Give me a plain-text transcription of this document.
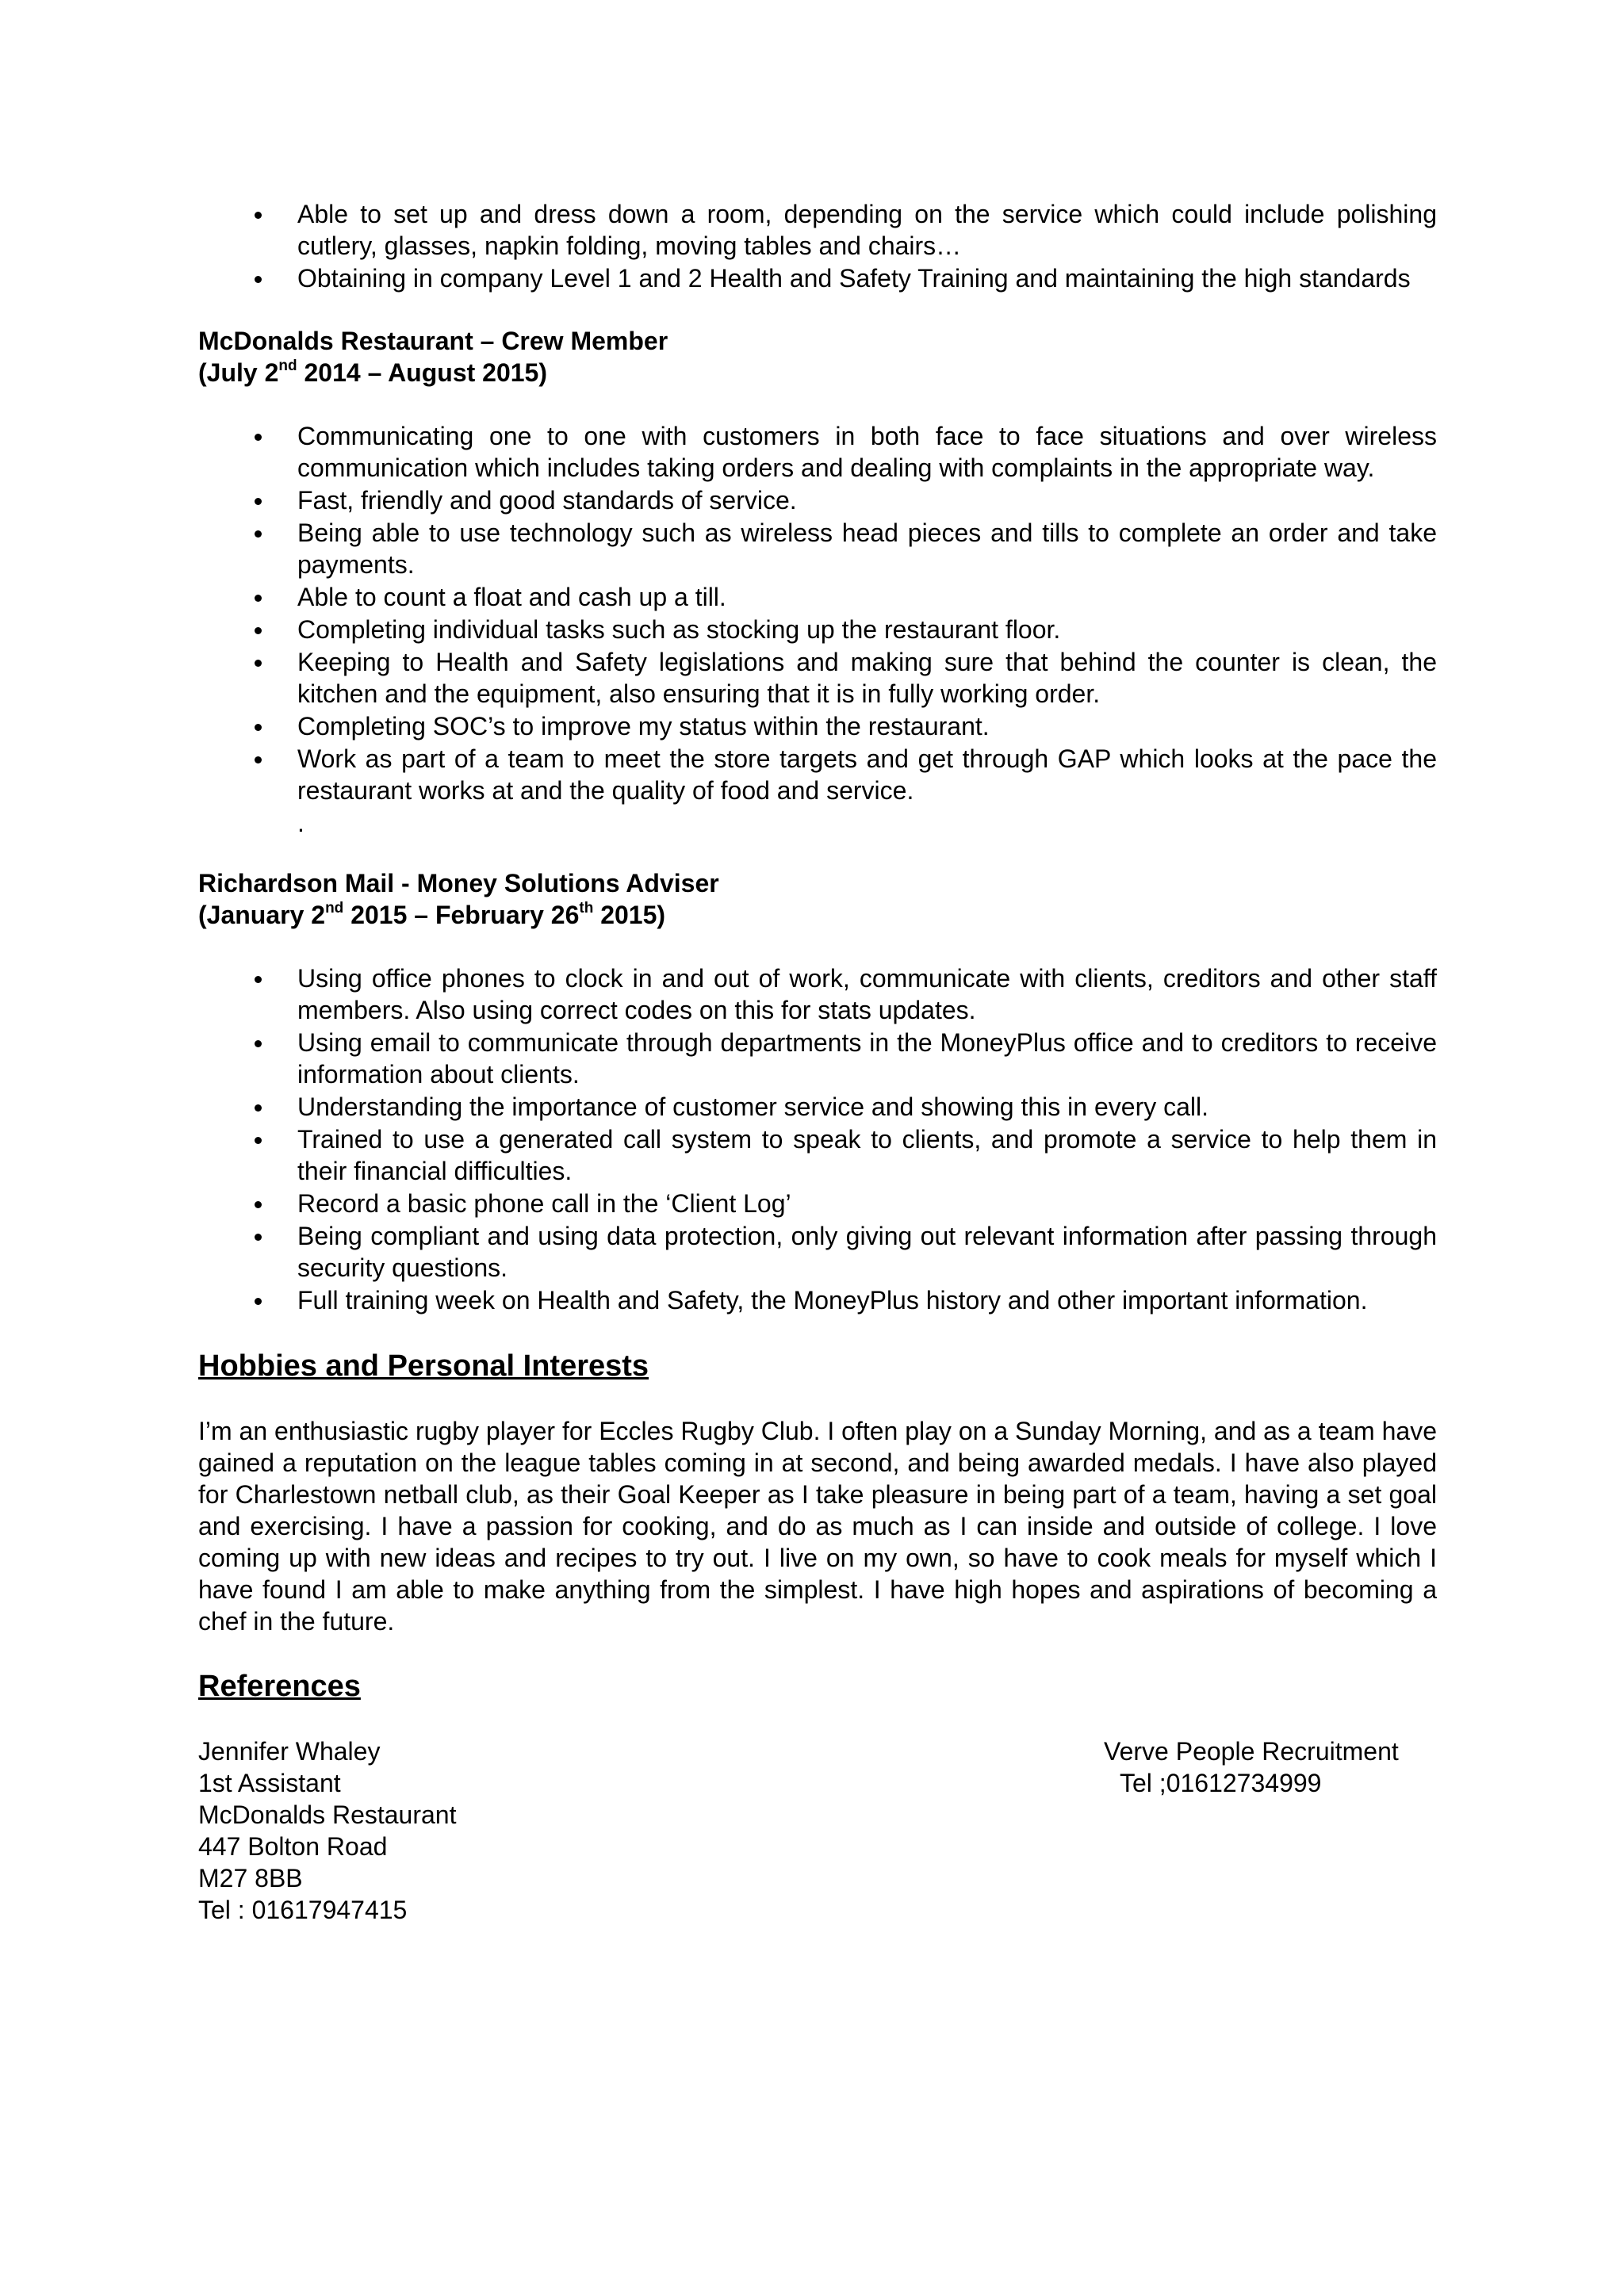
Able to set up and dress down a room, depending on the service which could include polishing cutlery, glasses, napkin folding, moving tables and chairs…
Obtaining in company Level 1 and 2 Health and Safety Training and maintaining the high standards
McDonalds Restaurant – Crew Member
(July 2nd 2014 – August 2015)
Communicating one to one with customers in both face to face situations and over wireless communication which includes taking orders and dealing with complaints in the appropriate way.
Fast, friendly and good standards of service.
Being able to use technology such as wireless head pieces and tills to complete an order and take payments.
Able to count a float and cash up a till.
Completing individual tasks such as stocking up the restaurant floor.
Keeping to Health and Safety legislations and making sure that behind the counter is clean, the kitchen and the equipment, also ensuring that it is in fully working order.
Completing SOC’s to improve my status within the restaurant.
Work as part of a team to meet the store targets and get through GAP which looks at the pace the restaurant works at and the quality of food and service.
.
Richardson Mail - Money Solutions Adviser
(January 2nd 2015 – February 26th 2015)
Using office phones to clock in and out of work, communicate with clients, creditors and other staff members. Also using correct codes on this for stats updates.
Using email to communicate through departments in the MoneyPlus office and to creditors to receive information about clients.
Understanding the importance of customer service and showing this in every call.
Trained to use a generated call system to speak to clients, and promote a service to help them in their financial difficulties.
Record a basic phone call in the ‘Client Log’
Being compliant and using data protection, only giving out relevant information after passing through security questions.
Full training week on Health and Safety, the MoneyPlus history and other important information.
Hobbies and Personal Interests
I’m an enthusiastic rugby player for Eccles Rugby Club. I often play on a Sunday Morning, and as a team have gained a reputation on the league tables coming in at second, and being awarded medals. I have also played for Charlestown netball club, as their Goal Keeper as I take pleasure in being part of a team, having a set goal and exercising. I have a passion for cooking, and do as much as I can inside and outside of college. I love coming up with new ideas and recipes to try out. I live on my own, so have to cook meals for myself which I have found I am able to make anything from the simplest. I have high hopes and aspirations of becoming a chef in the future.
References
Jennifer Whaley
1st Assistant
McDonalds Restaurant
447 Bolton Road
M27 8BB
Tel : 01617947415
Verve People Recruitment
Tel ;01612734999
